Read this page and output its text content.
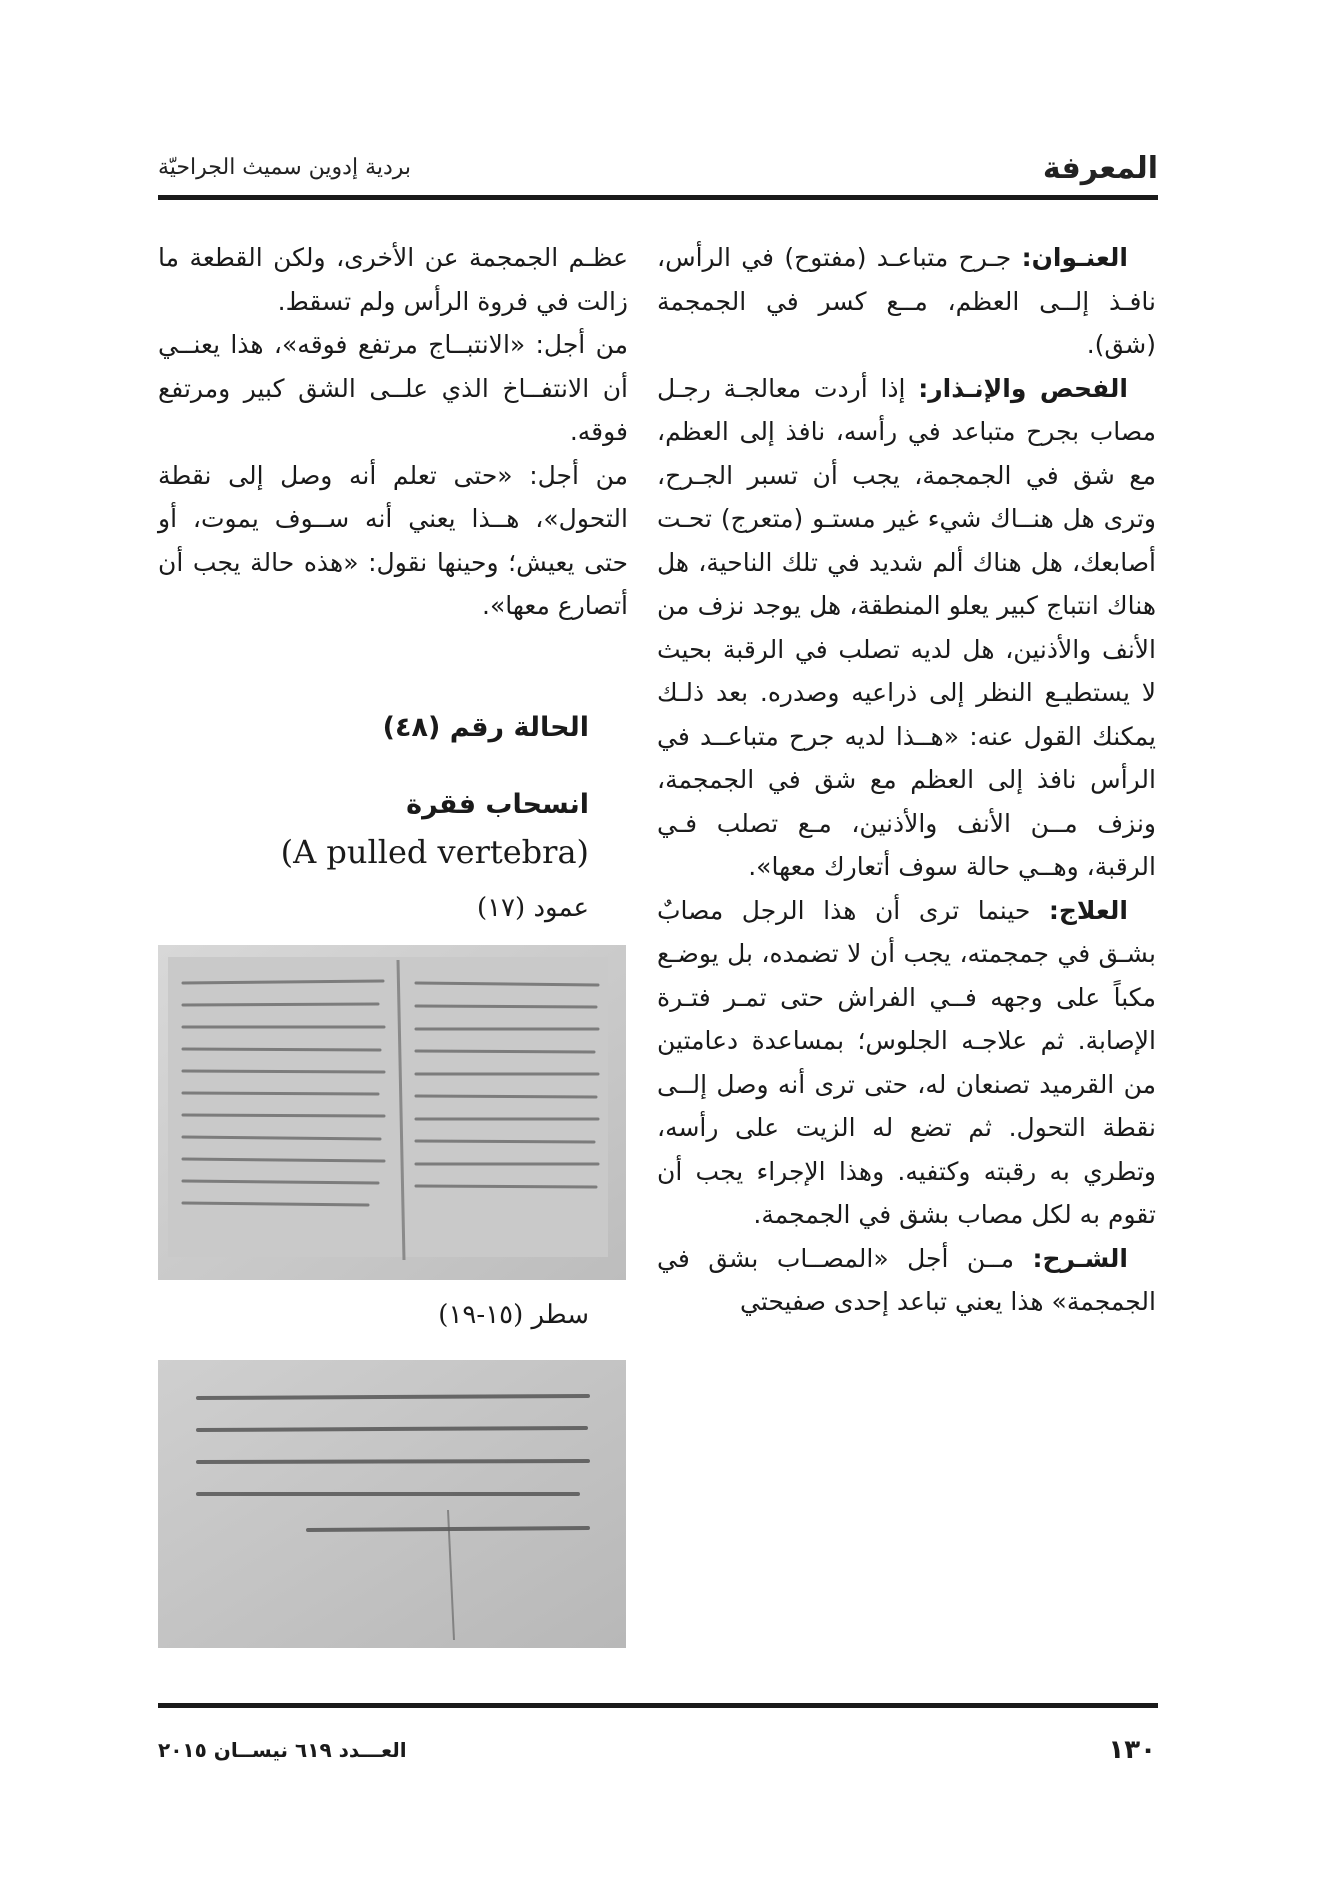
المعرفة
بردية إدوين سميث الجراحيّة

العنـوان: جـرح متباعـد (مفتوح) في الرأس، نافـذ إلــى العظم، مــع كسر في الجمجمة (شق).

الفحص والإنـذار: إذا أردت معالجـة رجـل مصاب بجرح متباعد في رأسه، نافذ إلى العظم، مع شق في الجمجمة، يجب أن تسبر الجـرح، وترى هل هنــاك شيء غير مستـو (متعرج) تحـت أصابعك، هل هناك ألم شديد في تلك الناحية، هل هناك انتباج كبير يعلو المنطقة، هل يوجد نزف من الأنف والأذنين، هل لديه تصلب في الرقبة بحيث لا يستطيـع النظر إلى ذراعيه وصدره. بعد ذلـك يمكنك القول عنه: «هــذا لديه جرح متباعــد في الرأس نافذ إلى العظم مع شق في الجمجمة، ونزف مــن الأنف والأذنين، مـع تصلب فـي الرقبة، وهــي حالة سوف أتعارك معها».

العلاج: حينما ترى أن هذا الرجل مصابٌ بشـق في جمجمته، يجب أن لا تضمده، بل يوضـع مكباً على وجهه فــي الفراش حتى تمـر فتـرة الإصابة. ثم علاجـه الجلوس؛ بمساعدة دعامتين من القرميد تصنعان له، حتى ترى أنه وصل إلــى نقطة التحول. ثم تضع له الزيت على رأسه، وتطري به رقبته وكتفيه. وهذا الإجراء يجب أن تقوم به لكل مصاب بشق في الجمجمة.

الشـرح: مــن أجل «المصــاب بشق في الجمجمة» هذا يعني تباعد إحدى صفيحتي

عظـم الجمجمة عن الأخرى، ولكن القطعة ما زالت في فروة الرأس ولم تسقط.

من أجل: «الانتبــاج مرتفع فوقه»، هذا يعنــي أن الانتفــاخ الذي علــى الشق كبير ومرتفع فوقه.

من أجل: «حتى تعلم أنه وصل إلى نقطة التحول»، هــذا يعني أنه ســوف يموت، أو حتى يعيش؛ وحينها نقول: «هذه حالة يجب أن أتصارع معها».

الحالة رقم (٤٨)
انسحاب فقرة
(A pulled vertebra)
عمود (١٧)
سطر (١٥-١٩)
١٣٠
العـــدد ٦١٩ نيســان ٢٠١٥
